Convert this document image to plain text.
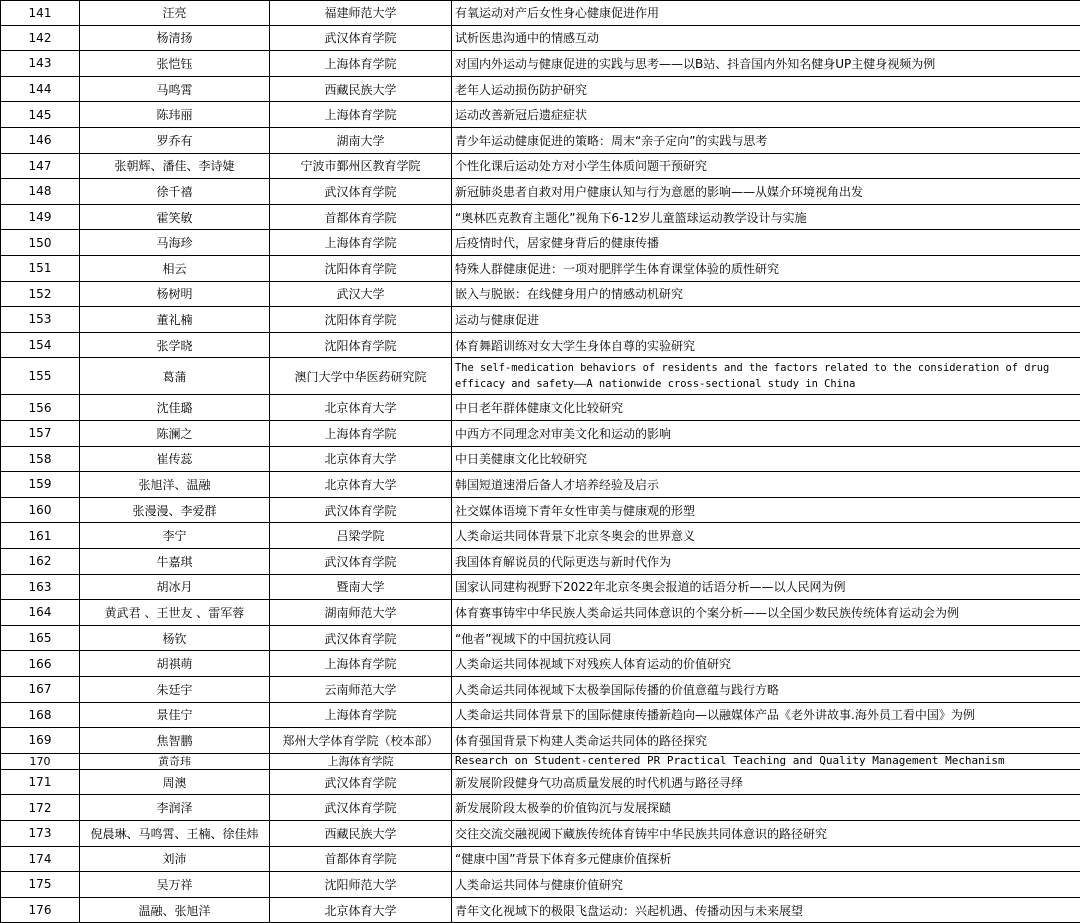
141	汪亮	福建师范大学	有氧运动对产后女性身心健康促进作用
142	杨清扬	武汉体育学院	试析医患沟通中的情感互动
143	张恺钰	上海体育学院	对国内外运动与健康促进的实践与思考——以B站、抖音国内外知名健身UP主健身视频为例
144	马鸣霄	西藏民族大学	老年人运动损伤防护研究
145	陈玮丽	上海体育学院	运动改善新冠后遗症症状
146	罗乔有	湖南大学	青少年运动健康促进的策略：周末“亲子定向”的实践与思考
147	张朝辉、潘佳、李诗婕	宁波市鄞州区教育学院	个性化课后运动处方对小学生体质问题干预研究
148	徐千禧	武汉体育学院	新冠肺炎患者自救对用户健康认知与行为意愿的影响——从媒介环境视角出发
149	霍笑敏	首都体育学院	“奥林匹克教育主题化”视角下6-12岁儿童篮球运动教学设计与实施
150	马海珍	上海体育学院	后疫情时代，居家健身背后的健康传播
151	相云	沈阳体育学院	特殊人群健康促进：一项对肥胖学生体育课堂体验的质性研究
152	杨树明	武汉大学	嵌入与脱嵌：在线健身用户的情感动机研究
153	董礼楠	沈阳体育学院	运动与健康促进
154	张学晓	沈阳体育学院	体育舞蹈训练对女大学生身体自尊的实验研究
155	葛蒲	澳门大学中华医药研究院
The self-medication behaviors of residents and the factors related to the consideration of drug efficacy and safety——A nationwide cross-sectional study in China
156	沈佳璐	北京体育大学	中日老年群体健康文化比较研究
157	陈澜之	上海体育学院	中西方不同理念对审美文化和运动的影响
158	崔传蕊	北京体育大学	中日美健康文化比较研究
159	张旭洋、温融	北京体育大学	韩国短道速滑后备人才培养经验及启示
160	张漫漫、李爱群	武汉体育学院	社交媒体语境下青年女性审美与健康观的形塑
161	李宁	吕梁学院	人类命运共同体背景下北京冬奥会的世界意义
162	牛嘉琪	武汉体育学院	我国体育解说员的代际更迭与新时代作为
163	胡冰月	暨南大学	国家认同建构视野下2022年北京冬奥会报道的话语分析——以人民网为例
164	黄武君 、王世友 、雷军蓉	湖南师范大学	体育赛事铸牢中华民族人类命运共同体意识的个案分析——以全国少数民族传统体育运动会为例
165	杨钦	武汉体育学院	“他者”视域下的中国抗疫认同
166	胡祺萌	上海体育学院	人类命运共同体视域下对残疾人体育运动的价值研究
167	朱廷宇	云南师范大学	人类命运共同体视域下太极拳国际传播的价值意蕴与践行方略
168	景佳宁	上海体育学院	人类命运共同体背景下的国际健康传播新趋向—以融媒体产品《老外讲故事.海外员工看中国》为例
169	焦智鹏	郑州大学体育学院（校本部） 体育强国背景下构建人类命运共同体的路径探究
170	黄奇玮	上海体育学院	Research on Student-centered PR Practical Teaching and Quality Management Mechanism
171	周澳	武汉体育学院	新发展阶段健身气功高质量发展的时代机遇与路径寻绎
172	李润泽	武汉体育学院	新发展阶段太极拳的价值钩沉与发展探赜
173	倪晨琳、马鸣霄、王楠、徐佳炜	西藏民族大学	交往交流交融视阈下藏族传统体育铸牢中华民族共同体意识的路径研究
174	刘沛	首都体育学院	“健康中国”背景下体育多元健康价值探析
175	吴万祥	沈阳师范大学	人类命运共同体与健康价值研究
176	温融、张旭洋	北京体育大学	青年文化视域下的极限飞盘运动：兴起机遇、传播动因与未来展望
